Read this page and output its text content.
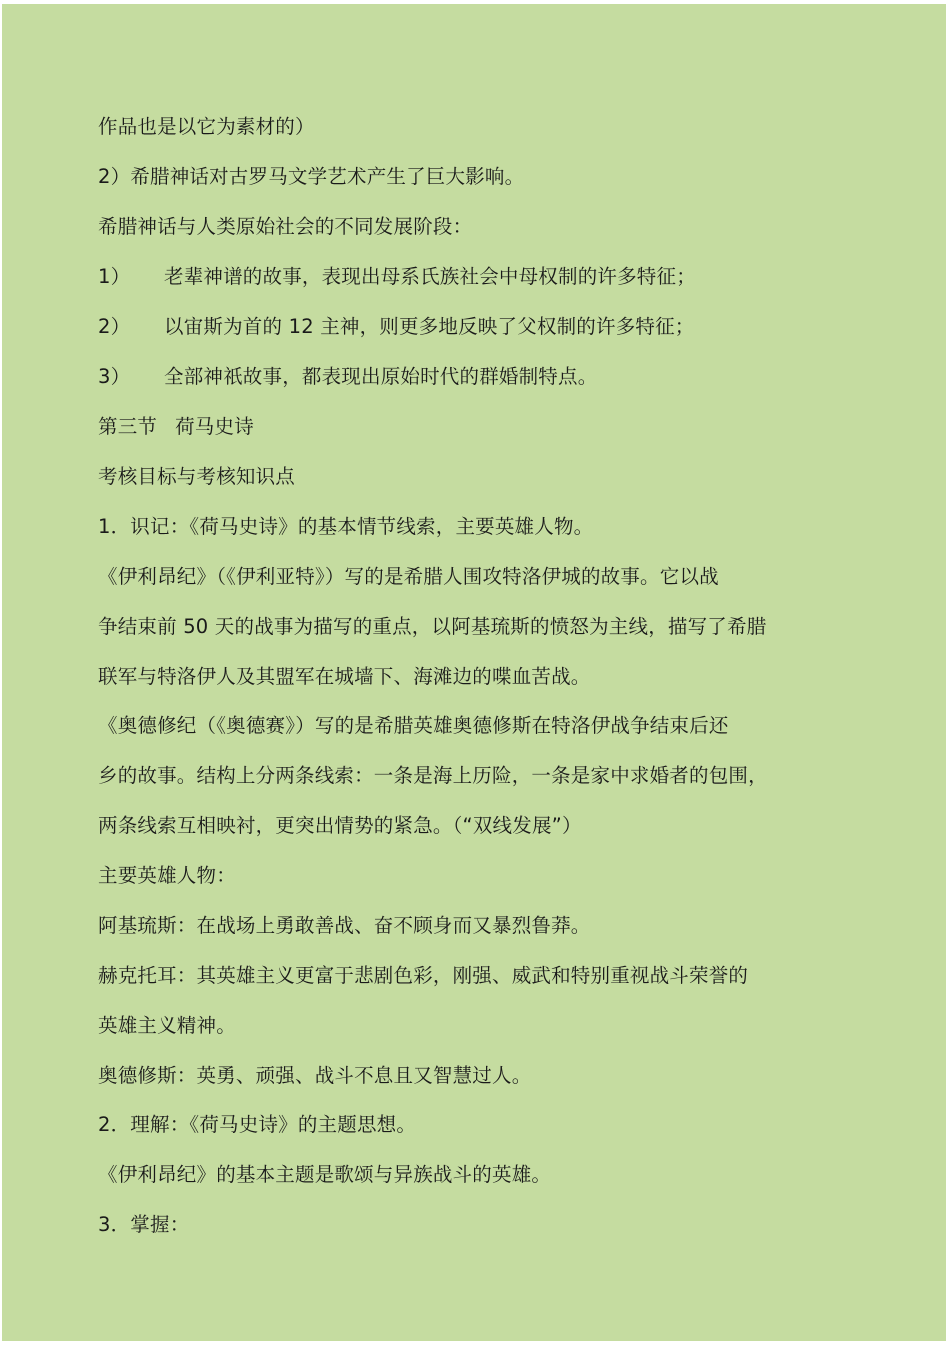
作品也是以它为素材的）
2）希腊神话对古罗马文学艺术产生了巨大影响。
希腊神话与人类原始社会的不同发展阶段：
1） 老辈神谱的故事，表现出母系氏族社会中母权制的许多特征；
2） 以宙斯为首的 12 主神，则更多地反映了父权制的许多特征；
3） 全部神祇故事，都表现出原始时代的群婚制特点。
第三节 荷马史诗
考核目标与考核知识点
1．识记：《荷马史诗》的基本情节线索，主要英雄人物。
《伊利昂纪》（《伊利亚特》）写的是希腊人围攻特洛伊城的故事。它以战
争结束前 50 天的战事为描写的重点，以阿基琉斯的愤怒为主线，描写了希腊
联军与特洛伊人及其盟军在城墙下、海滩边的喋血苦战。
《奥德修纪（《奥德赛》）写的是希腊英雄奥德修斯在特洛伊战争结束后还
乡的故事。结构上分两条线索：一条是海上历险，一条是家中求婚者的包围，
两条线索互相映衬，更突出情势的紧急。（“双线发展”）
主要英雄人物：
阿基琉斯：在战场上勇敢善战、奋不顾身而又暴烈鲁莽。
赫克托耳：其英雄主义更富于悲剧色彩，刚强、威武和特别重视战斗荣誉的
英雄主义精神。
奥德修斯：英勇、顽强、战斗不息且又智慧过人。
2．理解：《荷马史诗》的主题思想。
《伊利昂纪》的基本主题是歌颂与异族战斗的英雄。
3．掌握：
